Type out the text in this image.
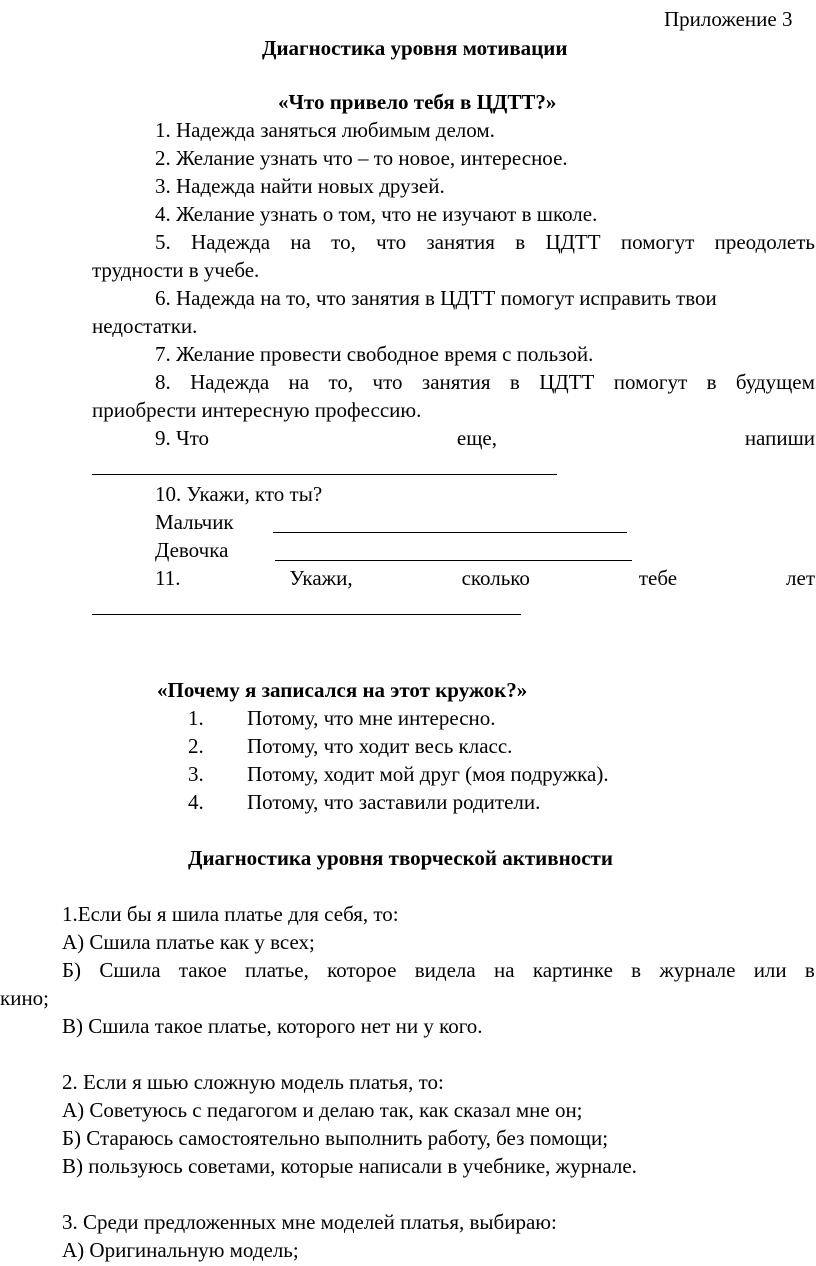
Приложение 3
Диагностика уровня мотивации
«Что привело тебя в ЦДТТ?»
1. Надежда заняться любимым делом.
2. Желание узнать что – то новое, интересное.
3. Надежда найти новых друзей.
4. Желание узнать о том, что не изучают в школе.
5. Надежда на то, что занятия в ЦДТТ помогут преодолеть
трудности в учебе.
6. Надежда на то, что занятия в ЦДТТ помогут исправить твои
недостатки.
7. Желание провести свободное время с пользой.
8. Надежда на то, что занятия в ЦДТТ помогут в будущем
приобрести интересную профессию.
9. Что	еще,	напиши
10. Укажи, кто ты?
Мальчик
Девочка
11.	Укажи,	сколько	тебе	лет
«Почему я записался на этот кружок?»
1. Потому, что мне интересно.
2. Потому, что ходит весь класс.
3. Потому, ходит мой друг (моя подружка).
4. Потому, что заставили родители.
Диагностика уровня творческой активности
1.Если бы я шила платье для себя, то:
А) Сшила платье как у всех;
Б) Сшила такое платье, которое видела на картинке в журнале или в
кино;
В) Сшила такое платье, которого нет ни у кого.
2. Если я шью сложную модель платья, то:
А) Советуюсь с педагогом и делаю так, как сказал мне он;
Б) Стараюсь самостоятельно выполнить работу, без помощи;
В) пользуюсь советами, которые написали в учебнике, журнале.
3. Среди предложенных мне моделей платья, выбираю:
А) Оригинальную модель;
